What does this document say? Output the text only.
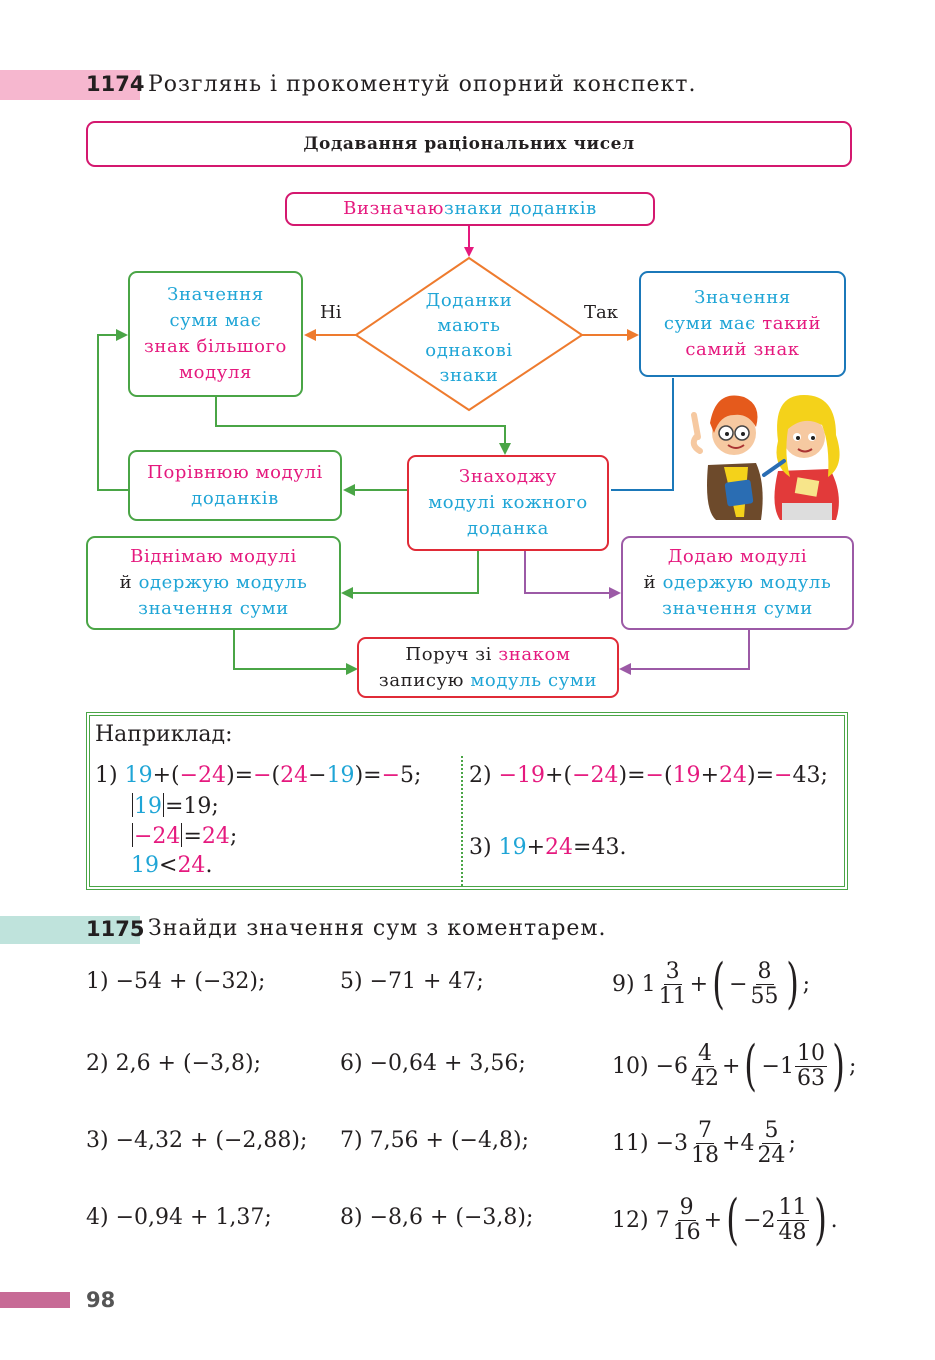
1174 Розглянь і прокоментуй опорний конспект.
Додавання раціональних чисел
Визначаю знаки доданків
Доданки мають однакові знаки
Ні	Так
Значення
суми має
знак більшого
модуля
Значення
суми має такий
самий знак
Знаходжу
модулі кожного
доданка
Порівнюю модулі
доданків
Віднімаю модулі
й одержую модуль
значення суми
Додаю модулі
й одержую модуль
значення суми
Поруч зі знаком
записую модуль суми
Наприклад:
1) 19+(−24)=−(24−19)=−5;
19 =19;
−24 =24;
19<24.
2) −19+(−24)=−(19+24)=−43;
3) 19+24=43.
1175 Знайди значення сум з коментарем.
1) −54 + (−32);
2) 2,6 + (−3,8);
3) −4,32 + (−2,88);
4) −0,94 + 1,37;
5) −71 + 47;
6) −0,64 + 3,56;
7) 7,56 + (−4,8);
8) −8,6 + (−3,8);
9)
$1 \frac{3}{11}$ + ( − $\frac{8}{55}$ ) ;
10)
$-6 \frac{4}{42}$ + ( $-1 \frac{10}{63}$ ) ;
11)
$-3 \frac{7}{18} + 4 \frac{5}{24}$ ;
12)
$7 \frac{9}{16}$ + ( $-2 \frac{11}{48}$ ) .
98
